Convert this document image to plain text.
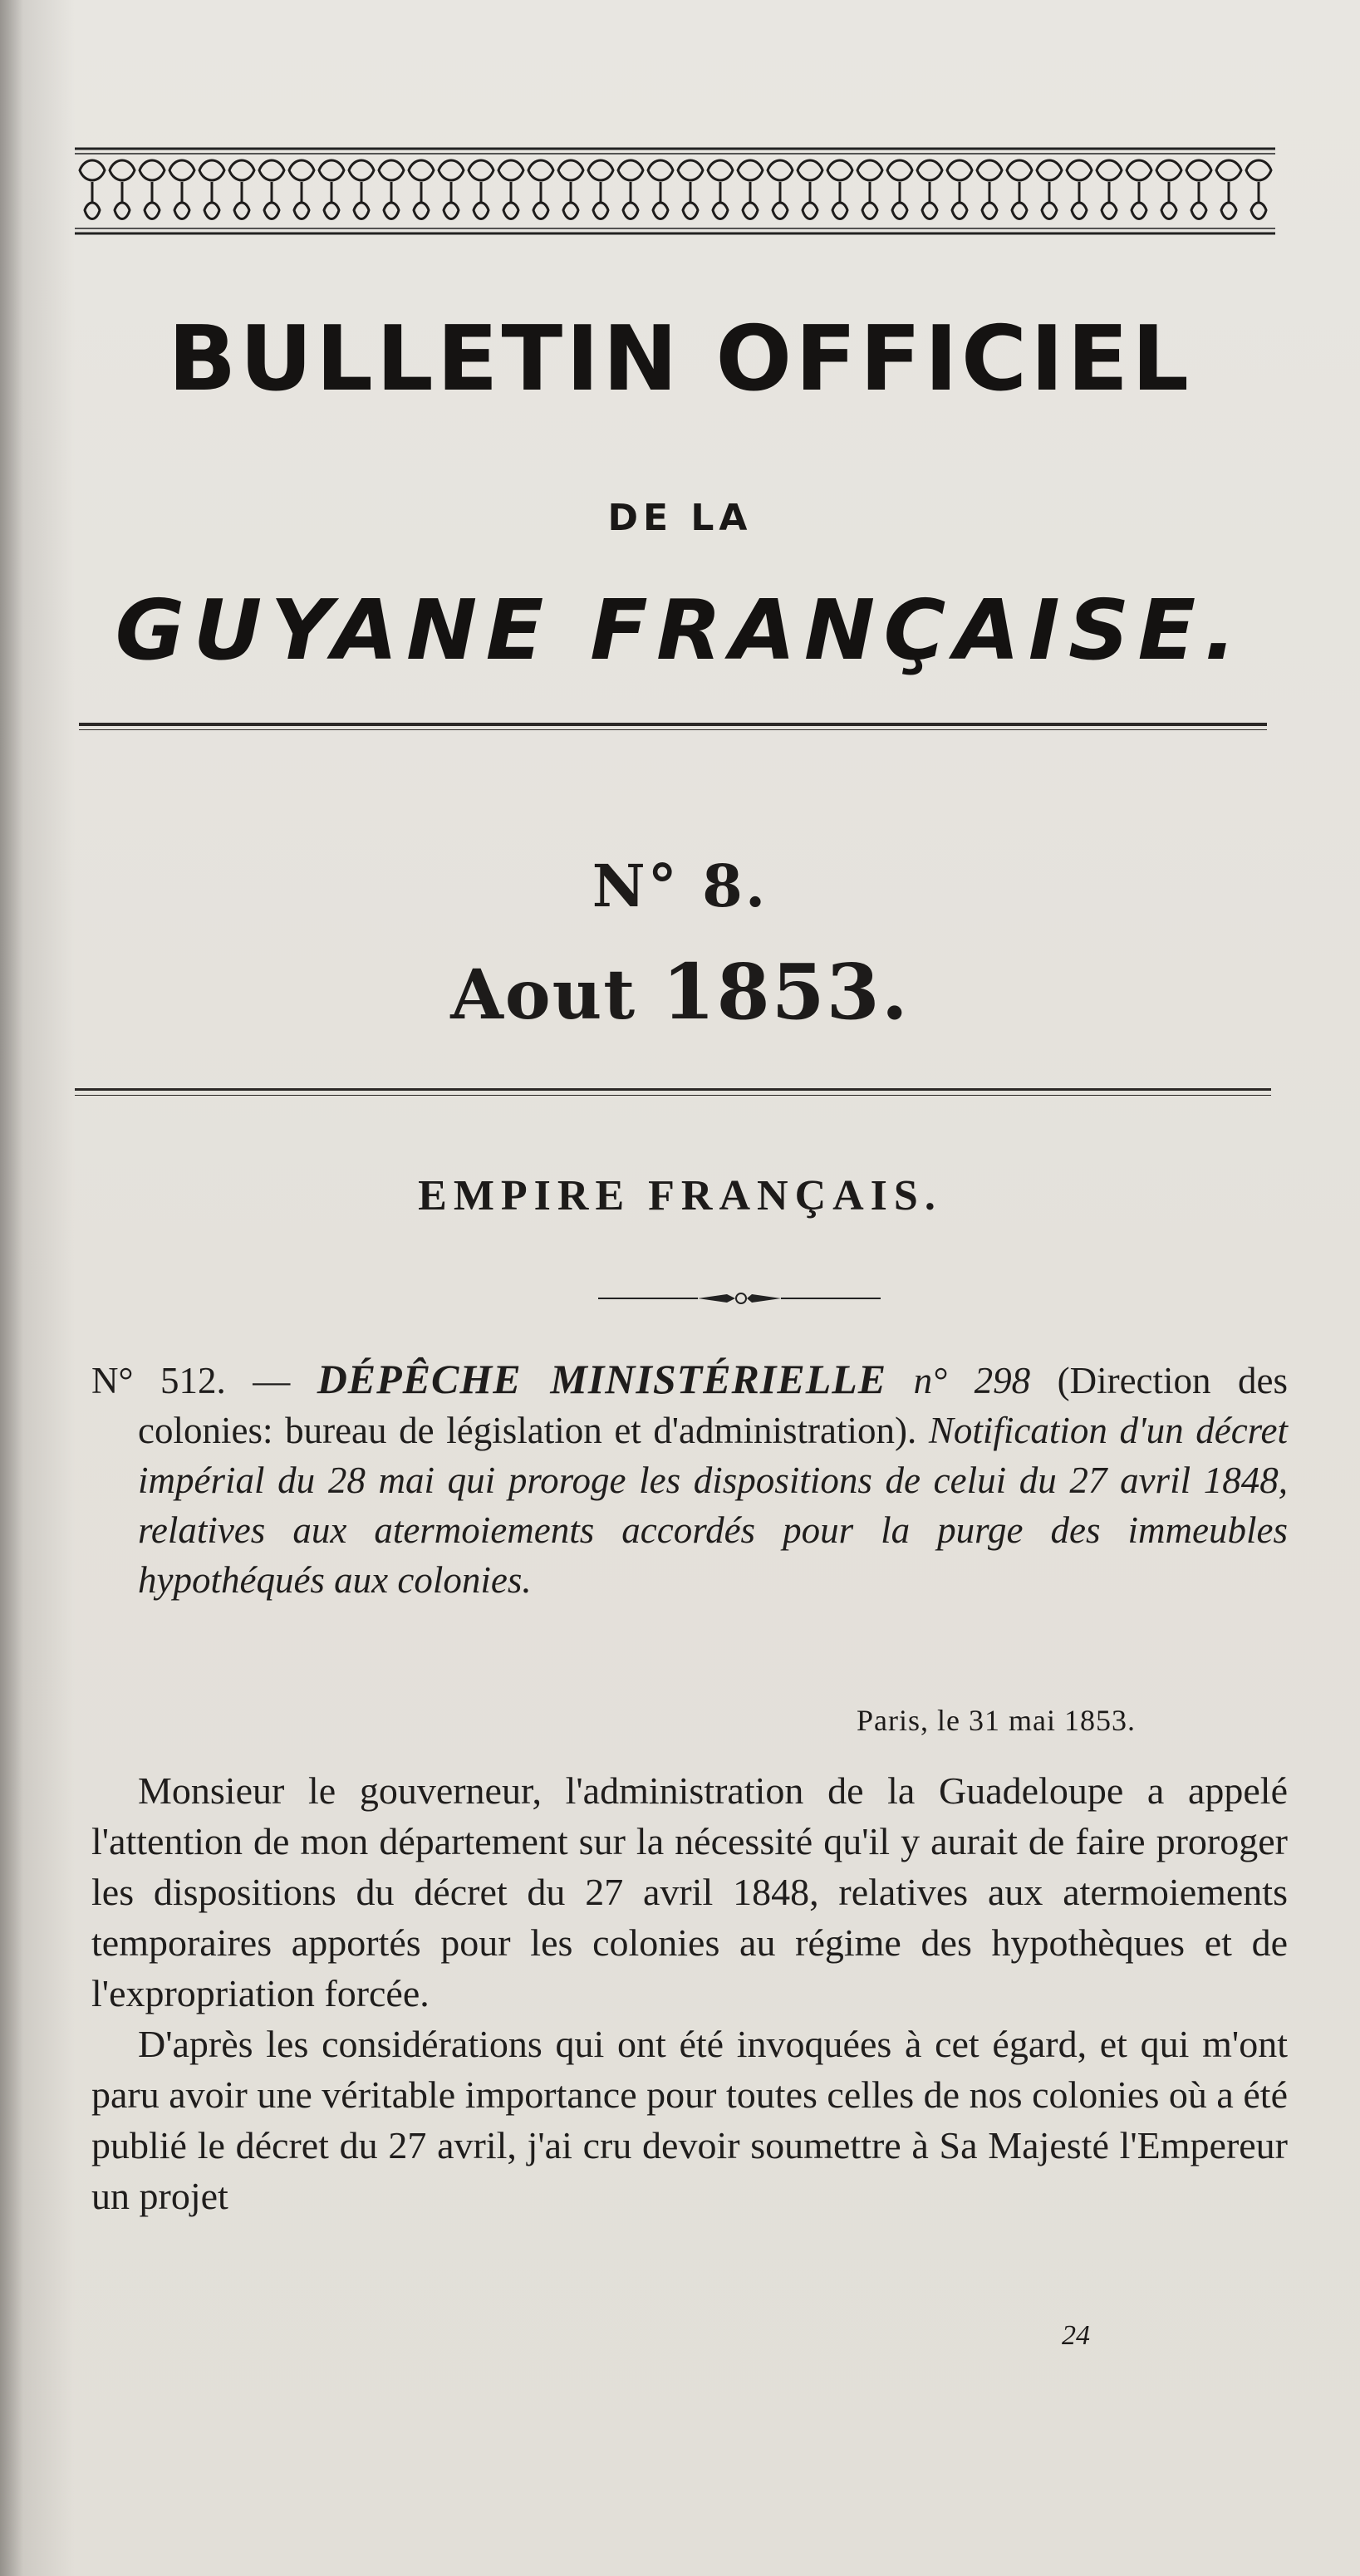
BULLETIN OFFICIEL
DE LA
GUYANE FRANÇAISE.
N° 8.
Aout 1853.
EMPIRE FRANÇAIS.
N° 512. — DÉPÊCHE MINISTÉRIELLE n° 298 (Direction des colonies: bureau de législation et d'administration). Notification d'un décret impérial du 28 mai qui proroge les dispositions de celui du 27 avril 1848, relatives aux atermoiements accordés pour la purge des immeubles hypothéqués aux colonies.
Paris, le 31 mai 1853.

Monsieur le gouverneur, l'administration de la Guadeloupe a appelé l'attention de mon département sur la nécessité qu'il y aurait de faire proroger les dispositions du décret du 27 avril 1848, relatives aux atermoiements temporaires apportés pour les colonies au régime des hypothèques et de l'expropriation forcée.

D'après les considérations qui ont été invoquées à cet égard, et qui m'ont paru avoir une véritable importance pour toutes celles de nos colonies où a été publié le décret du 27 avril, j'ai cru devoir soumettre à Sa Majesté l'Empereur un projet

24
